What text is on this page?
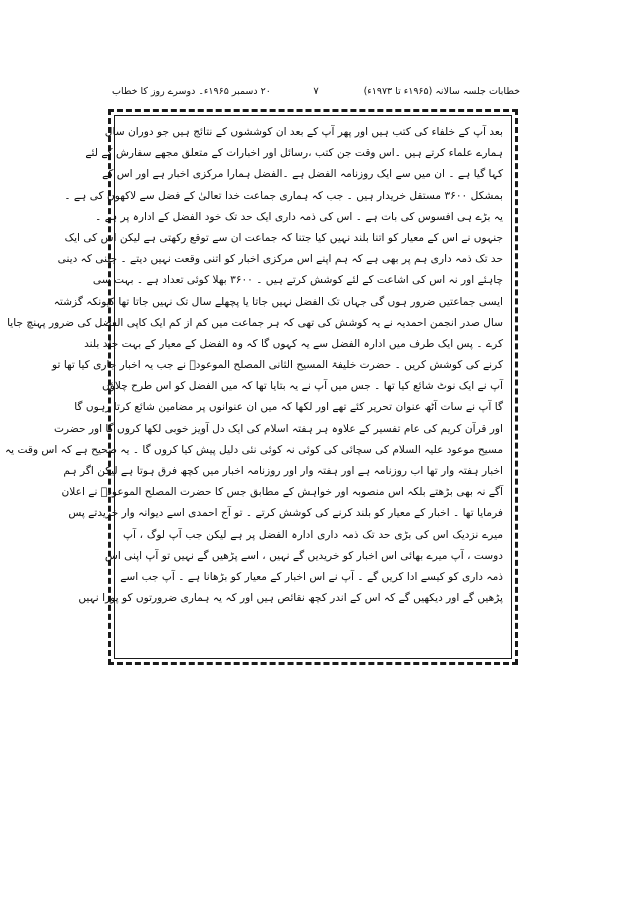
خطابات جلسہ سالانہ (۱۹۶۵ء تا ۱۹۷۳ء)
۷
۲۰ دسمبر ۱۹۶۵ء۔ دوسرے روز کا خطاب
بعد آپ کے خلفاء کی کتب ہیں اور پھر آپ کے بعد ان کوششوں کے نتائج ہیں جو دوران سال
ہمارے علماء کرتے ہیں ۔اس وقت جن کتب ،رسائل اور اخبارات کے متعلق مجھے سفارش کے لئے
کہا گیا ہے ۔ ان میں سے ایک روزنامہ الفضل ہے ۔الفضل ہمارا مرکزی اخبار ہے اور اس کے
بمشکل ۳۶۰۰ مستقل خریدار ہیں ۔ جب کہ ہماری جماعت خدا تعالیٰ کے فضل سے لاکھوں کی ہے ۔
یہ بڑے ہی افسوس کی بات ہے ۔ اس کی ذمہ داری ایک حد تک خود الفضل کے ادارہ پر ہے ۔
جنہوں نے اس کے معیار کو اتنا بلند نہیں کیا جتنا کہ جماعت ان سے توقع رکھتی ہے لیکن اس کی ایک
حد تک ذمہ داری ہم پر بھی ہے کہ ہم اپنے اس مرکزی اخبار کو اتنی وقعت نہیں دیتے ۔ جتنی کہ دینی
چاہئے اور نہ اس کی اشاعت کے لئے کوشش کرتے ہیں ۔ ۳۶۰۰ بھلا کوئی تعداد ہے ۔ بہت سی
ایسی جماعتیں ضرور ہوں گی جہاں تک الفضل نہیں جاتا یا پچھلے سال تک نہیں جاتا تھا کیونکہ گزشتہ
سال صدر انجمن احمدیہ نے یہ کوشش کی تھی کہ ہر جماعت میں کم از کم ایک کاپی الفضل کی ضرور پہنچ جایا
کرے ۔ پس ایک طرف میں ادارہ الفضل سے یہ کہوں گا کہ وہ الفضل کے معیار کے بہت جلد بلند
کرنے کی کوشش کریں ۔ حضرت خلیفۃ المسیح الثانی المصلح الموعودؓ نے جب یہ اخبار جاری کیا تھا تو
آپ نے ایک نوٹ شائع کیا تھا ۔ جس میں آپ نے یہ بتایا تھا کہ میں الفضل کو اس طرح چلاؤں
گا آپ نے سات آٹھ عنوان تحریر کئے تھے اور لکھا کہ میں ان عنوانوں پر مضامین شائع کرتا رہوں گا
اور قرآن کریم کی عام تفسیر کے علاوہ ہر ہفتہ اسلام کی ایک دل آویز خوبی لکھا کروں گا اور حضرت
مسیح موعود علیہ السلام کی سچائی کی کوئی نہ کوئی نئی دلیل پیش کیا کروں گا ۔ یہ صحیح ہے کہ اس وقت یہ
اخبار ہفتہ وار تھا اب روزنامہ ہے اور ہفتہ وار اور روزنامہ اخبار میں کچھ فرق ہوتا ہے لیکن اگر ہم
آگے نہ بھی بڑھتے بلکہ اس منصوبہ اور خواہش کے مطابق جس کا حضرت المصلح الموعودؓ نے اعلان
فرمایا تھا ۔ اخبار کے معیار کو بلند کرنے کی کوشش کرتے ۔ تو آج احمدی اسے دیوانہ وار خریدتے پس
میرے نزدیک اس کی بڑی حد تک ذمہ داری ادارہ الفضل پر ہے لیکن جب آپ لوگ ، آپ
دوست ، آپ میرے بھائی اس اخبار کو خریدیں گے نہیں ، اسے پڑھیں گے نہیں تو آپ اپنی اس
ذمہ داری کو کیسے ادا کریں گے ۔ آپ نے اس اخبار کے معیار کو بڑھانا ہے ۔ آپ جب اسے
پڑھیں گے اور دیکھیں گے کہ اس کے اندر کچھ نقائص ہیں اور کہ یہ ہماری ضرورتوں کو پورا نہیں
